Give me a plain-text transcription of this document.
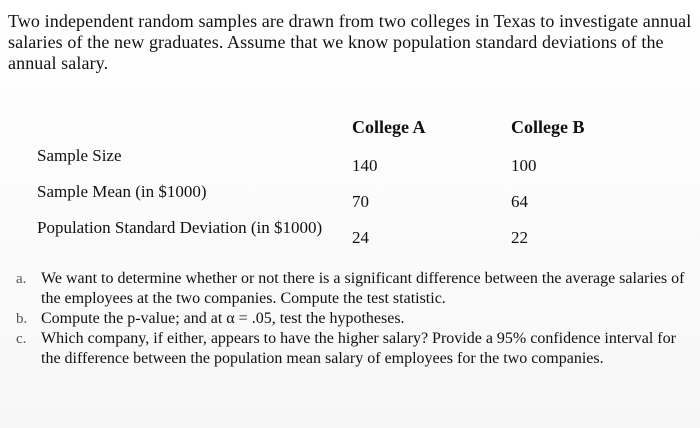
Two independent random samples are drawn from two colleges in Texas to investigate annual salaries of the new graduates. Assume that we know population standard deviations of the annual salary.
College A	College B
Sample Size
Sample Mean (in $1000)
Population Standard Deviation (in $1000)
140
70
24
100
64
22

a. We want to determine whether or not there is a significant difference between the average salaries of the employees at the two companies. Compute the test statistic.

b. Compute the p-value; and at α = .05, test the hypotheses.

c. Which company, if either, appears to have the higher salary? Provide a 95% confidence interval for the difference between the population mean salary of employees for the two companies.
